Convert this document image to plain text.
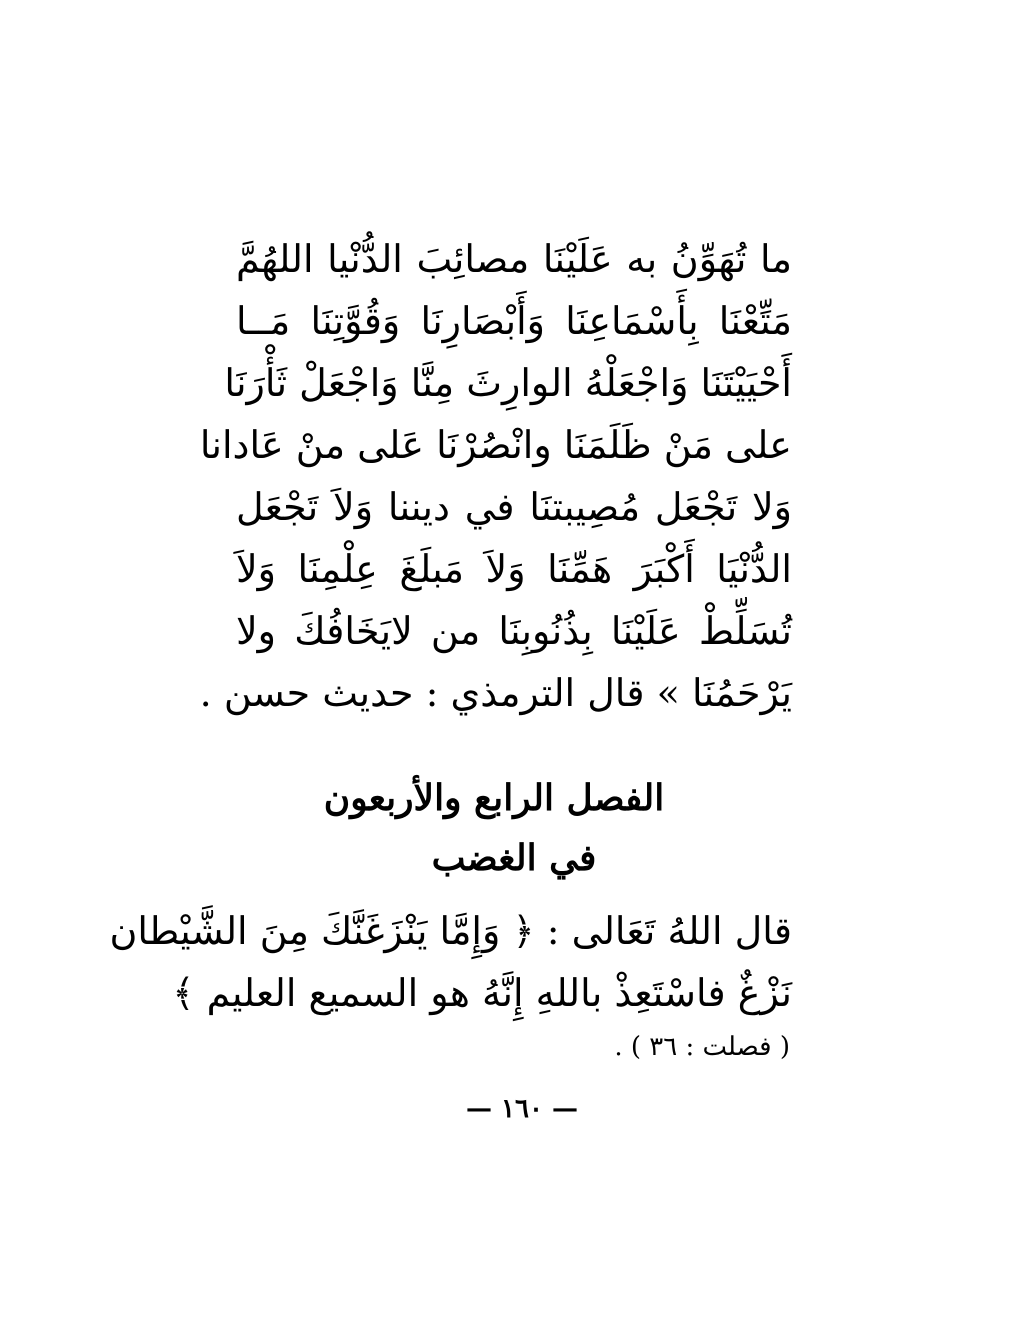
ما تُهَوِّنُ به عَلَيْنَا مصائِبَ الدُّنْيا اللهُمَّ
مَتِّعْنَا بِأَسْمَاعِنَا وَأَبْصَارِنَا وَقُوَّتِنَا مَــا
أَحْيَيْتَنَا وَاجْعَلْهُ الوارِثَ مِنَّا وَاجْعَلْ ثَأْرَنَا
على مَنْ ظَلَمَنَا وانْصُرْنَا عَلى منْ عَادانا
وَلا تَجْعَل مُصِيبتنَا في ديننا وَلاَ تَجْعَل
الدُّنْيَا أَكْبَرَ هَمِّنَا وَلاَ مَبلَغَ عِلْمِنَا وَلاَ
تُسَلِّطْ عَلَيْنَا بِذُنُوبِنَا من لايَخَافُكَ ولا
يَرْحَمُنَا » قال الترمذي : حديث حسن .
الفصل الرابع والأربعون
في الغضب
قال اللهُ تَعَالى : ﴿ وَإِمَّا يَنْزَغَنَّكَ مِنَ الشَّيْطان
نَزْغٌ فاسْتَعِذْ باللهِ إِنَّهُ هو السميع العليم ﴾
( فصلت : ٣٦ ) .
— ١٦٠ —
